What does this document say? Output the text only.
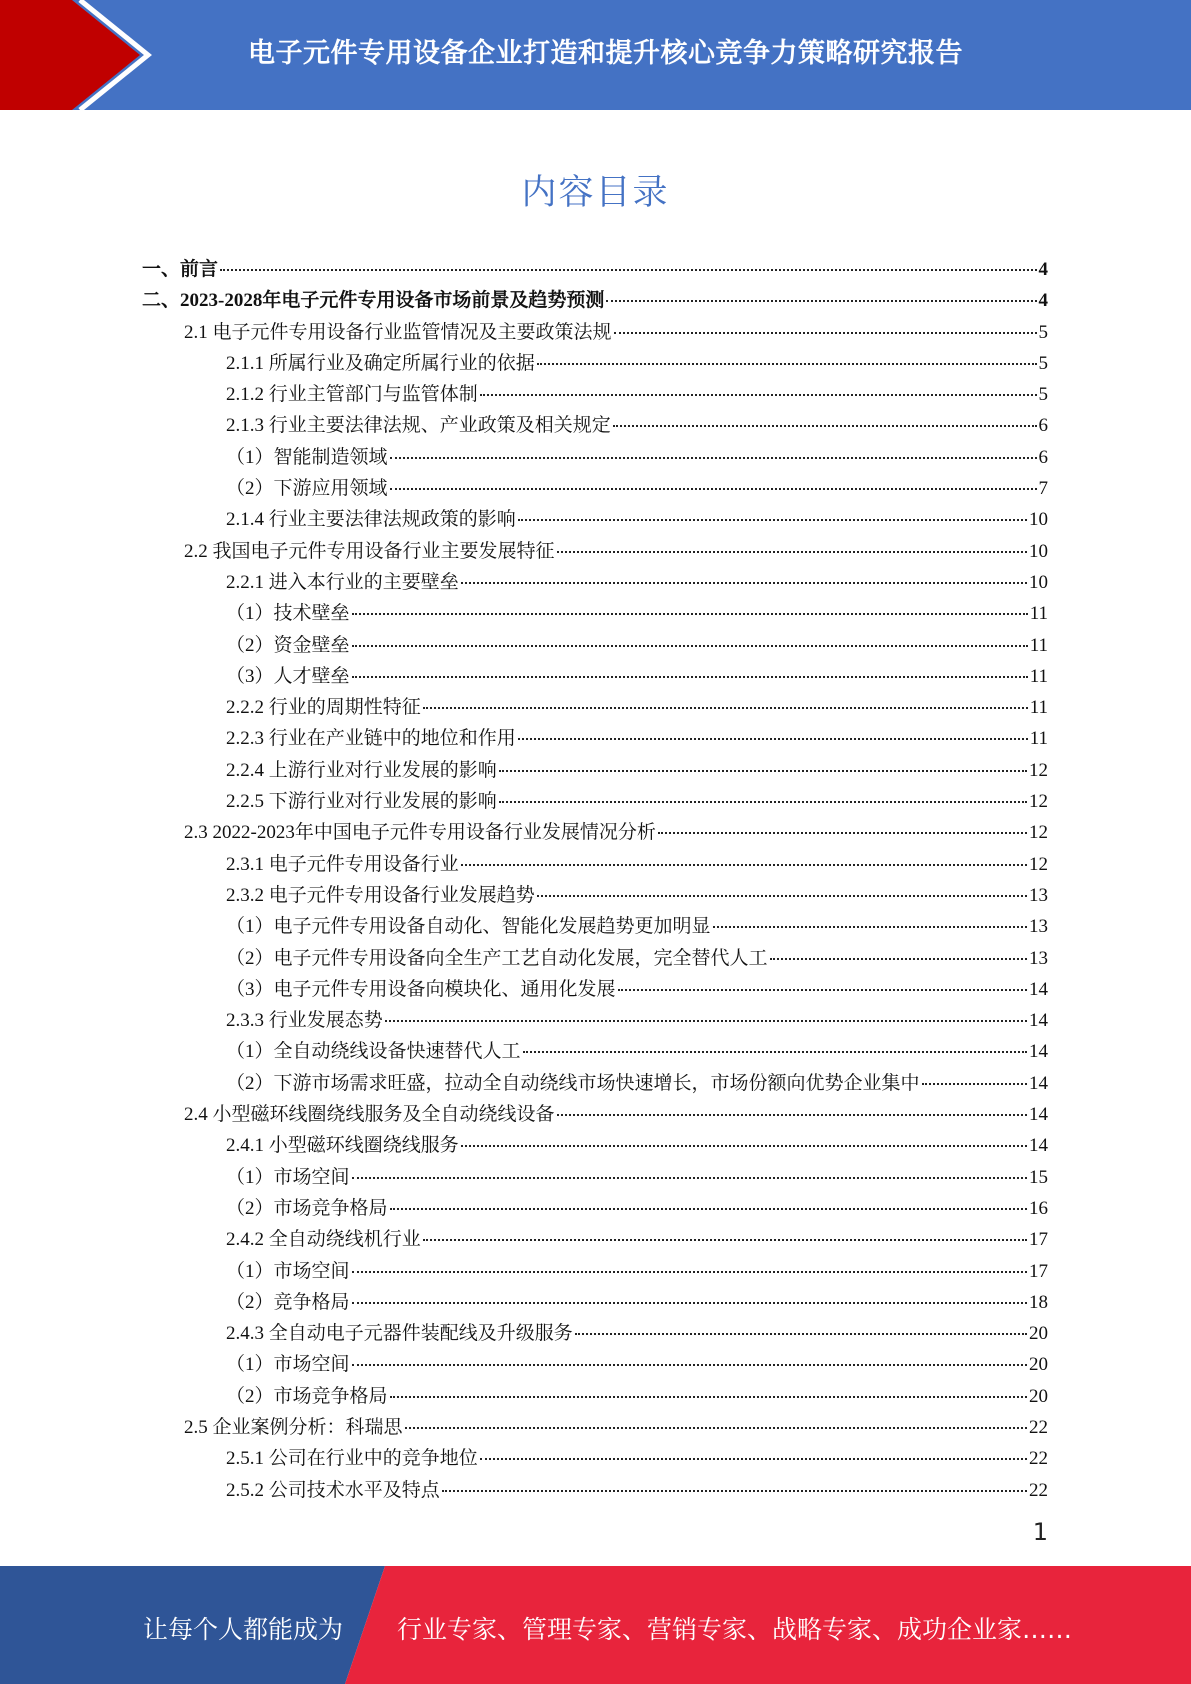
电子元件专用设备企业打造和提升核心竞争力策略研究报告
内容目录
一、前言	4
二、2023-2028年电子元件专用设备市场前景及趋势预测	4
2.1 电子元件专用设备行业监管情况及主要政策法规	5
2.1.1 所属行业及确定所属行业的依据	5
2.1.2 行业主管部门与监管体制	5
2.1.3 行业主要法律法规、产业政策及相关规定	6
（1）智能制造领域	6
（2）下游应用领域	7
2.1.4 行业主要法律法规政策的影响	10
2.2 我国电子元件专用设备行业主要发展特征	10
2.2.1 进入本行业的主要壁垒	10
（1）技术壁垒	11
（2）资金壁垒	11
（3）人才壁垒	11
2.2.2 行业的周期性特征	11
2.2.3 行业在产业链中的地位和作用	11
2.2.4 上游行业对行业发展的影响	12
2.2.5 下游行业对行业发展的影响	12
2.3 2022-2023年中国电子元件专用设备行业发展情况分析	12
2.3.1 电子元件专用设备行业	12
2.3.2 电子元件专用设备行业发展趋势	13
（1）电子元件专用设备自动化、智能化发展趋势更加明显	13
（2）电子元件专用设备向全生产工艺自动化发展，完全替代人工	13
（3）电子元件专用设备向模块化、通用化发展	14
2.3.3 行业发展态势	14
（1）全自动绕线设备快速替代人工	14
（2）下游市场需求旺盛，拉动全自动绕线市场快速增长，市场份额向优势企业集中	14
2.4 小型磁环线圈绕线服务及全自动绕线设备	14
2.4.1 小型磁环线圈绕线服务	14
（1）市场空间	15
（2）市场竞争格局	16
2.4.2 全自动绕线机行业	17
（1）市场空间	17
（2）竞争格局	18
2.4.3 全自动电子元器件装配线及升级服务	20
（1）市场空间	20
（2）市场竞争格局	20
2.5 企业案例分析：科瑞思	22
2.5.1 公司在行业中的竞争地位	22
2.5.2 公司技术水平及特点	22
1
让每个人都能成为 行业专家、管理专家、营销专家、战略专家、成功企业家……
